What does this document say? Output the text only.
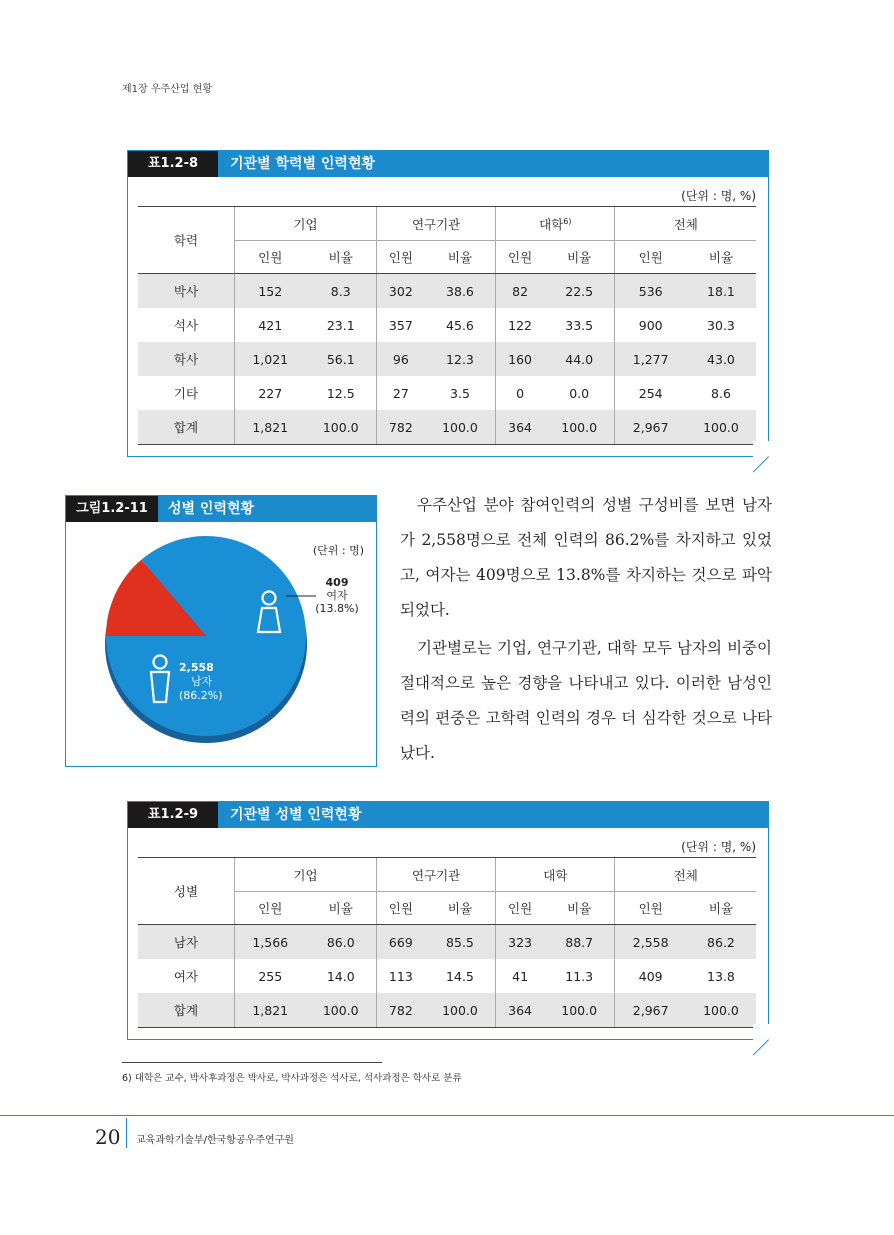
제1장 우주산업 현황
표1.2-8	기관별 학력별 인력현황
(단위 : 명, %)
학력	기업		연구기관		대학$^{6)}$		전체	
	인원	비율	인원	비율	인원	비율	인원	비율
박사	152	8.3	302	38.6	82	22.5	536	18.1
석사	421	23.1	357	45.6	122	33.5	900	30.3
학사	1,021	56.1	96	12.3	160	44.0	1,277	43.0
기타	227	12.5	27	3.5	0	0.0	254	8.6
합계	1,821	100.0	782	100.0	364	100.0	2,967	100.0
그림1.2-11	성별 인력현황
(단위 : 명)
409
여자
(13.8%)
2,558
남자
(86.2%)
우주산업 분야 참여인력의 성별 구성비를 보면 남자가 2,558명으로 전체 인력의 86.2%를 차지하고 있었고, 여자는 409명으로 13.8%를 차지하는 것으로 파악되었다.
기관별로는 기업, 연구기관, 대학 모두 남자의 비중이 절대적으로 높은 경향을 나타내고 있다. 이러한 남성인력의 편중은 고학력 인력의 경우 더 심각한 것으로 나타났다.
표1.2-9	기관별 성별 인력현황
(단위 : 명, %)
성별	기업		연구기관		대학		전체	
	인원	비율	인원	비율	인원	비율	인원	비율
남자	1,566	86.0	669	85.5	323	88.7	2,558	86.2
여자	255	14.0	113	14.5	41	11.3	409	13.8
합계	1,821	100.0	782	100.0	364	100.0	2,967	100.0
6) 대학은 교수, 박사후과정은 박사로, 박사과정은 석사로, 석사과정은 학사로 분류
20 교육과학기술부/한국항공우주연구원
